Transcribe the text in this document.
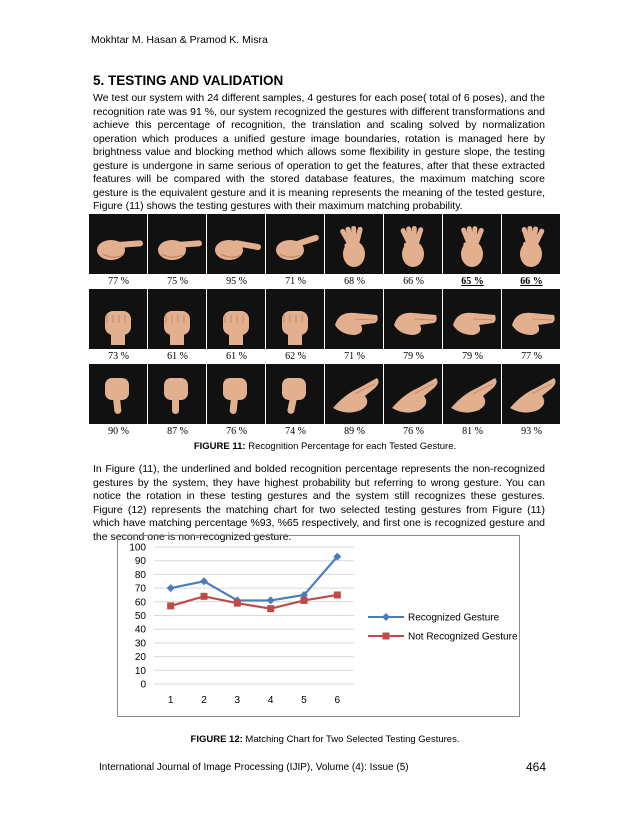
Mokhtar M. Hasan & Pramod K. Misra
5. TESTING AND VALIDATION
We test our system with 24 different samples, 4 gestures for each pose( total of 6 poses), and the recognition rate was 91 %, our system recognized the gestures with different transformations and achieve this percentage of recognition, the translation and scaling solved by normalization operation which produces a unified gesture image boundaries, rotation is managed here by brightness value and blocking method which allows some flexibility in gesture slope, the testing gesture is undergone in same serious of operation to get the features, after that these extracted features will be compared with the stored database features, the maximum matching score gesture is the equivalent gesture and it is meaning represents the meaning of the tested gesture, Figure (11) shows the testing gestures with their maximum matching probability.
77 %	75 %	95 %	71 %	68 %	66 %	65 %	66 %
73 %	61 %	61 %	62 %	71 %	79 %	79 %	77 %
90 %	87 %	76 %	74 %	89 %	76 %	81 %	93 %
FIGURE 11: Recognition Percentage for each Tested Gesture.
In Figure (11), the underlined and bolded recognition percentage represents the non-recognized gestures by the system, they have highest probability but referring to wrong gesture. You can notice the rotation in these testing gestures and the system still recognizes these gestures. Figure (12) represents the matching chart for two selected testing gestures from Figure (11) which have matching percentage %93, %65 respectively, and first one is recognized gesture and the second one is non-recognized gesture.
0
10
20
30
40
50
60
70
80
90
100
1	2	3	4	5	6
Recognized Gesture
Not Recognized Gesture
FIGURE 12: Matching Chart for Two Selected Testing Gestures.
International Journal of Image Processing (IJIP), Volume (4): Issue (5)	464
